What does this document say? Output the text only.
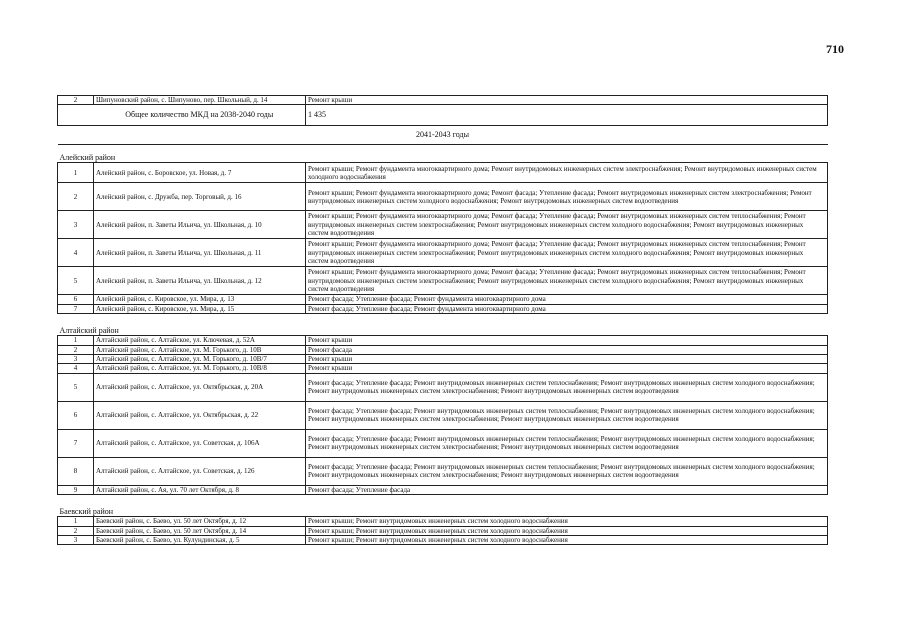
710
2	Шипуновский район, с. Шипуново, пер. Школьный, д. 14	Ремонт крыши
	Общее количество МКД на 2038-2040 годы	1 435
2041-2043 годы		
Алейский район		
1	Алейский район, с. Боровское, ул. Новая, д. 7	Ремонт крыши; Ремонт фундамента многоквартирного дома; Ремонт внутридомовых инженерных систем электроснабжения; Ремонт внутридомовых инженерных систем холодного водоснабжения
2	Алейский район, с. Дружба, пер. Торговый, д. 16	Ремонт крыши; Ремонт фундамента многоквартирного дома; Ремонт фасада; Утепление фасада; Ремонт внутридомовых инженерных систем электроснабжения; Ремонт внутридомовых инженерных систем холодного водоснабжения; Ремонт внутридомовых инженерных систем водоотведения
3	Алейский район, п. Заветы Ильича, ул. Школьная, д. 10	Ремонт крыши; Ремонт фундамента многоквартирного дома; Ремонт фасада; Утепление фасада; Ремонт внутридомовых инженерных систем теплоснабжения; Ремонт внутридомовых инженерных систем электроснабжения; Ремонт внутридомовых инженерных систем холодного водоснабжения; Ремонт внутридомовых инженерных систем водоотведения
4	Алейский район, п. Заветы Ильича, ул. Школьная, д. 11	Ремонт крыши; Ремонт фундамента многоквартирного дома; Ремонт фасада; Утепление фасада; Ремонт внутридомовых инженерных систем теплоснабжения; Ремонт внутридомовых инженерных систем электроснабжения; Ремонт внутридомовых инженерных систем холодного водоснабжения; Ремонт внутридомовых инженерных систем водоотведения
5	Алейский район, п. Заветы Ильича, ул. Школьная, д. 12	Ремонт крыши; Ремонт фундамента многоквартирного дома; Ремонт фасада; Утепление фасада; Ремонт внутридомовых инженерных систем теплоснабжения; Ремонт внутридомовых инженерных систем электроснабжения; Ремонт внутридомовых инженерных систем холодного водоснабжения; Ремонт внутридомовых инженерных систем водоотведения
6	Алейский район, с. Кировское, ул. Мира, д. 13	Ремонт фасада; Утепление фасада; Ремонт фундамента многоквартирного дома
7	Алейский район, с. Кировское, ул. Мира, д. 15	Ремонт фасада; Утепление фасада; Ремонт фундамента многоквартирного дома

Алтайский район		
1	Алтайский район, с. Алтайское, ул. Ключевая, д. 52А	Ремонт крыши
2	Алтайский район, с. Алтайское, ул. М. Горького, д. 10В	Ремонт фасада
3	Алтайский район, с. Алтайское, ул. М. Горького, д. 10В/7	Ремонт крыши
4	Алтайский район, с. Алтайское, ул. М. Горького, д. 10В/8	Ремонт крыши
5	Алтайский район, с. Алтайское, ул. Октябрьская, д. 20А	Ремонт фасада; Утепление фасада; Ремонт внутридомовых инженерных систем теплоснабжения; Ремонт внутридомовых инженерных систем холодного водоснабжения; Ремонт внутридомовых инженерных систем электроснабжения; Ремонт внутридомовых инженерных систем водоотведения
6	Алтайский район, с. Алтайское, ул. Октябрьская, д. 22	Ремонт фасада; Утепление фасада; Ремонт внутридомовых инженерных систем теплоснабжения; Ремонт внутридомовых инженерных систем холодного водоснабжения; Ремонт внутридомовых инженерных систем электроснабжения; Ремонт внутридомовых инженерных систем водоотведения
7	Алтайский район, с. Алтайское, ул. Советская, д. 106А	Ремонт фасада; Утепление фасада; Ремонт внутридомовых инженерных систем теплоснабжения; Ремонт внутридомовых инженерных систем холодного водоснабжения; Ремонт внутридомовых инженерных систем электроснабжения; Ремонт внутридомовых инженерных систем водоотведения
8	Алтайский район, с. Алтайское, ул. Советская, д. 126	Ремонт фасада; Утепление фасада; Ремонт внутридомовых инженерных систем теплоснабжения; Ремонт внутридомовых инженерных систем холодного водоснабжения; Ремонт внутридомовых инженерных систем электроснабжения; Ремонт внутридомовых инженерных систем водоотведения
9	Алтайский район, с. Ая, ул. 70 лет Октября, д. 8	Ремонт фасада; Утепление фасада

Баевский район		
1	Баевский район, с. Баево, ул. 50 лет Октября, д. 12	Ремонт крыши; Ремонт внутридомовых инженерных систем холодного водоснабжения
2	Баевский район, с. Баево, ул. 50 лет Октября, д. 14	Ремонт крыши; Ремонт внутридомовых инженерных систем холодного водоснабжения
3	Баевский район, с. Баево, ул. Кулундинская, д. 5	Ремонт крыши; Ремонт внутридомовых инженерных систем холодного водоснабжения
